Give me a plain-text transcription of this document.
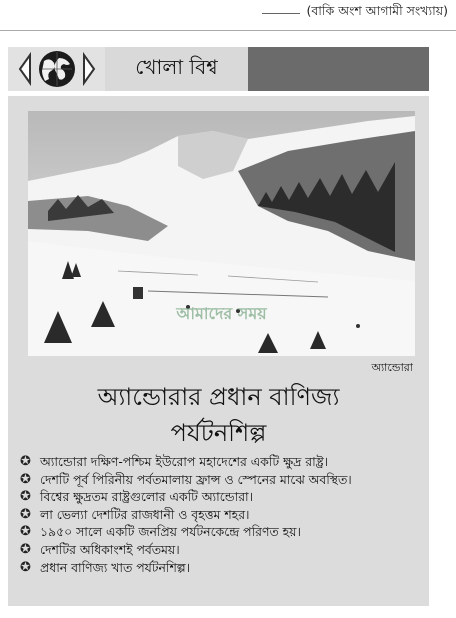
(বাকি অংশ আগামী সংখ্যায়)
খোলা বিশ্ব
আমাদের সময়
অ্যান্ডোরা
অ্যান্ডোরার প্রধান বাণিজ্য
পর্যটনশিল্প
✪ অ্যান্ডোরা দক্ষিণ-পশ্চিম ইউরোপ মহাদেশের একটি ক্ষুদ্র রাষ্ট্র।
✪ দেশটি পূর্ব পিরিনীয় পর্বতমালায় ফ্রান্স ও স্পেনের মাঝে অবস্থিত।
✪ বিশ্বের ক্ষুদ্রতম রাষ্ট্রগুলোর একটি অ্যান্ডোরা।
✪ লা ভেল্যা দেশটির রাজধানী ও বৃহত্তম শহর।
✪ ১৯৫০ সালে একটি জনপ্রিয় পর্যটনকেন্দ্রে পরিণত হয়।
✪ দেশটির অধিকাংশই পর্বতময়।
✪ প্রধান বাণিজ্য খাত পর্যটনশিল্প।
